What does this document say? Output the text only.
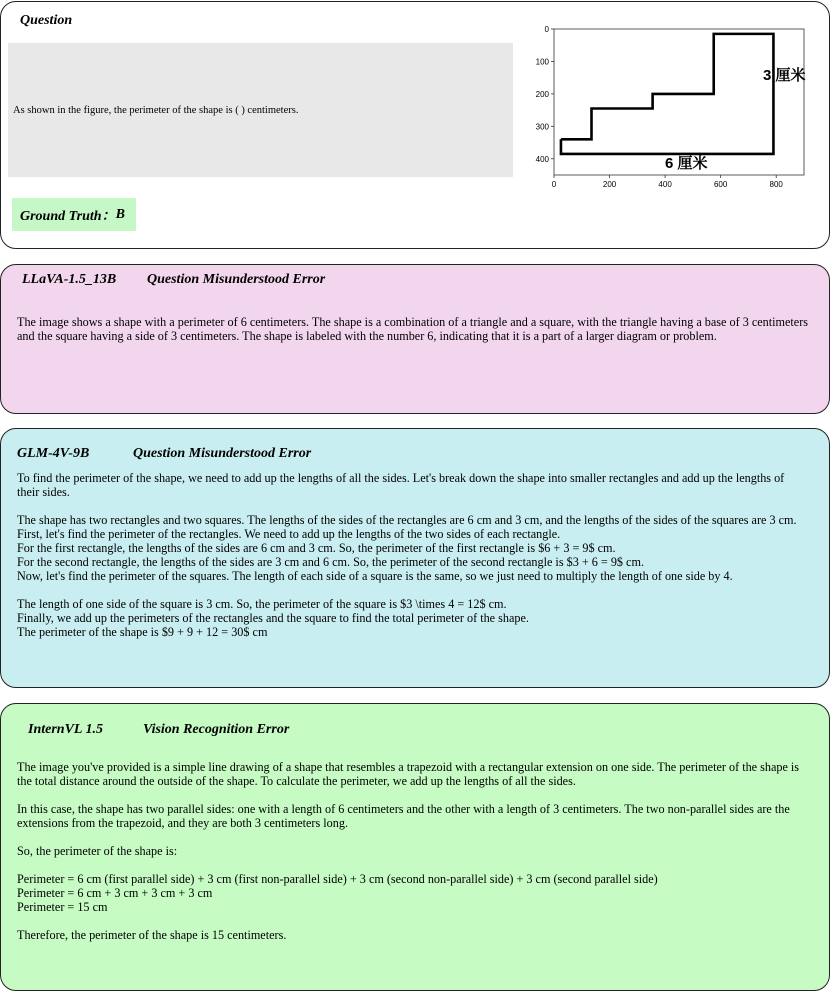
Question
As shown in the figure, the perimeter of the shape is ( ) centimeters.
Ground Truth： B
0
100
200
300
400
0	200	400	600	800
3 厘米
6 厘米
LLaVA-1.5_13B	Question Misunderstood Error
The image shows a shape with a perimeter of 6 centimeters. The shape is a combination of a triangle and a square, with the triangle having a base of 3 centimeters and the square having a side of 3 centimeters. The shape is labeled with the number 6, indicating that it is a part of a larger diagram or problem.
GLM-4V-9B	Question Misunderstood Error
To find the perimeter of the shape, we need to add up the lengths of all the sides. Let's break down the shape into smaller rectangles and add up the lengths of their sides.

The shape has two rectangles and two squares. The lengths of the sides of the rectangles are 6 cm and 3 cm, and the lengths of the sides of the squares are 3 cm.
First, let's find the perimeter of the rectangles. We need to add up the lengths of the two sides of each rectangle.
For the first rectangle, the lengths of the sides are 6 cm and 3 cm. So, the perimeter of the first rectangle is $6 + 3 = 9$ cm.
For the second rectangle, the lengths of the sides are 3 cm and 6 cm. So, the perimeter of the second rectangle is $3 + 6 = 9$ cm.
Now, let's find the perimeter of the squares. The length of each side of a square is the same, so we just need to multiply the length of one side by 4.

The length of one side of the square is 3 cm. So, the perimeter of the square is $3 \times 4 = 12$ cm.
Finally, we add up the perimeters of the rectangles and the square to find the total perimeter of the shape.
The perimeter of the shape is $9 + 9 + 12 = 30$ cm
InternVL 1.5	Vision Recognition Error
The image you've provided is a simple line drawing of a shape that resembles a trapezoid with a rectangular extension on one side. The perimeter of the shape is the total distance around the outside of the shape. To calculate the perimeter, we add up the lengths of all the sides.

In this case, the shape has two parallel sides: one with a length of 6 centimeters and the other with a length of 3 centimeters. The two non-parallel sides are the extensions from the trapezoid, and they are both 3 centimeters long.

So, the perimeter of the shape is:

Perimeter = 6 cm (first parallel side) + 3 cm (first non-parallel side) + 3 cm (second non-parallel side) + 3 cm (second parallel side)
Perimeter = 6 cm + 3 cm + 3 cm + 3 cm
Perimeter = 15 cm

Therefore, the perimeter of the shape is 15 centimeters.
